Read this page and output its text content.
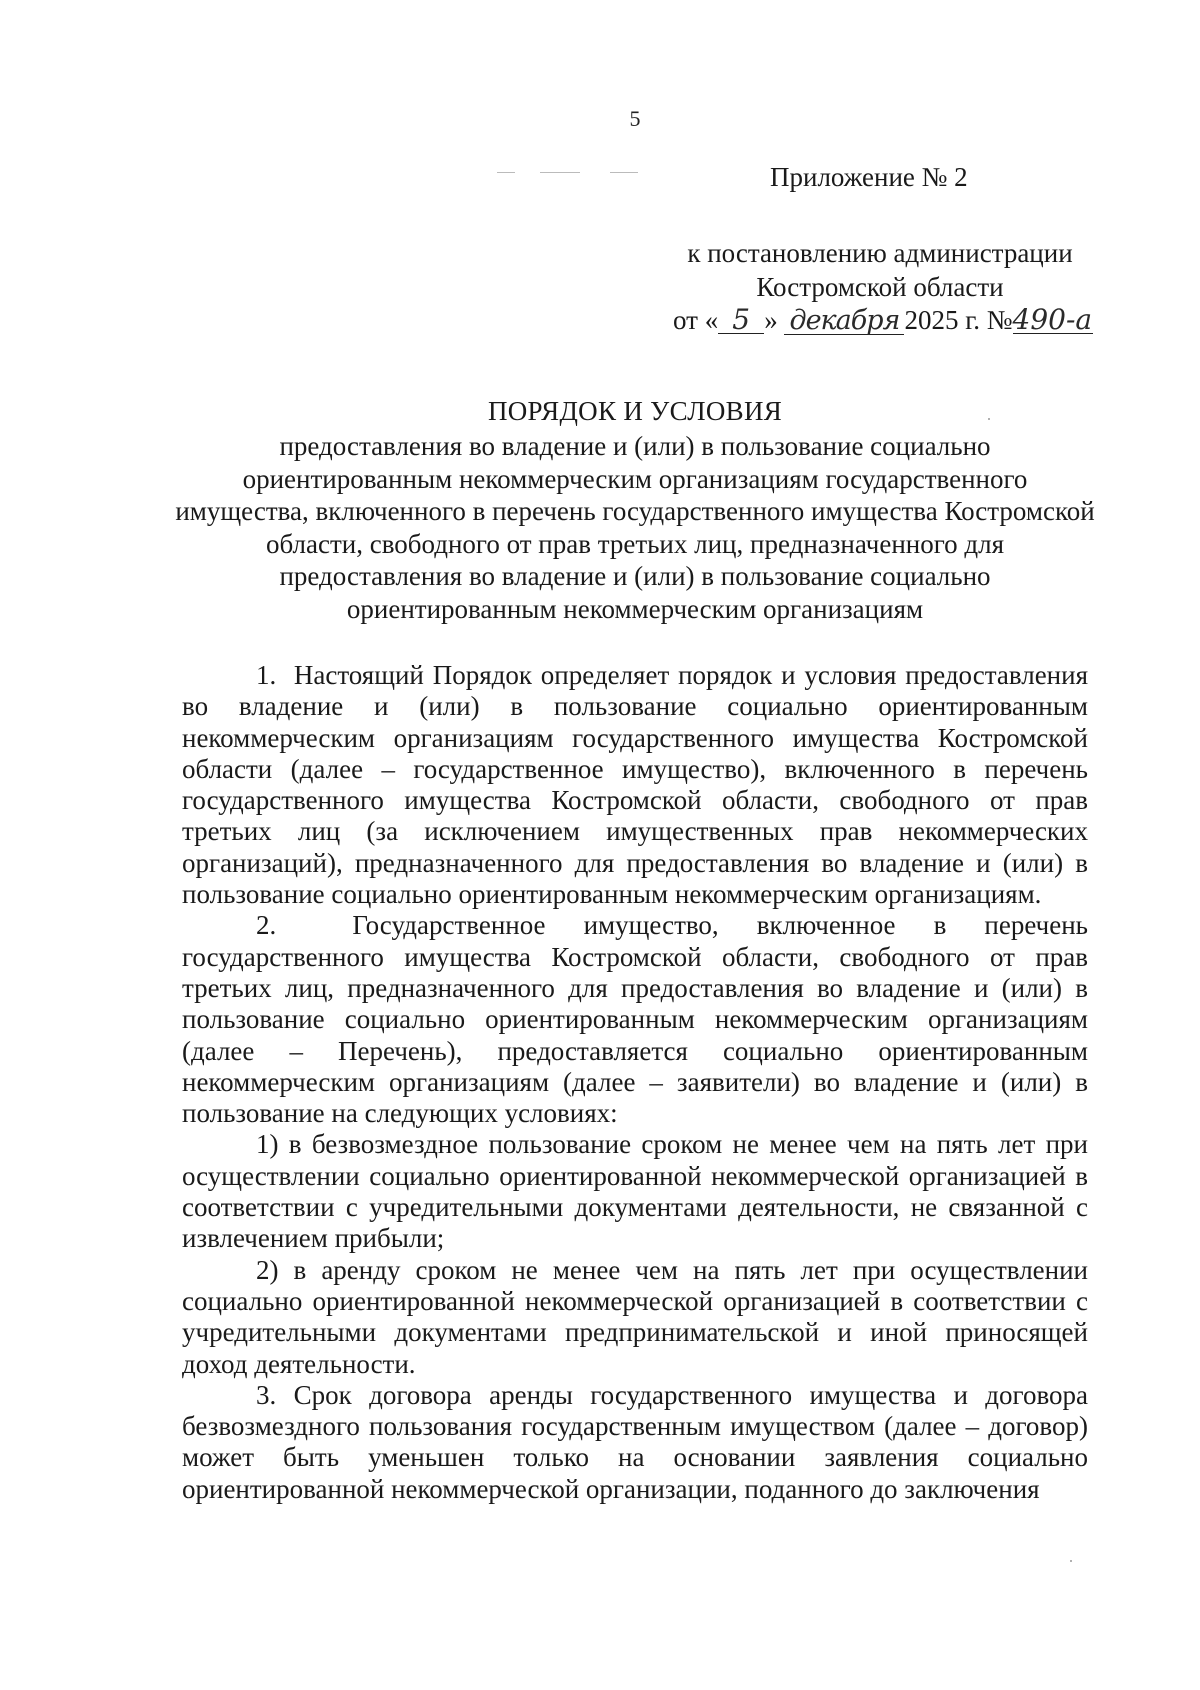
5
Приложение № 2
к постановлению администрации
Костромской области
от « 5 » декабря 2025 г. №490-а
ПОРЯДОК И УСЛОВИЯ
предоставления во владение и (или) в пользование социально ориентированным некоммерческим организациям государственного имущества, включенного в перечень государственного имущества Костромской области, свободного от прав третьих лиц, предназначенного для предоставления во владение и (или) в пользование социально ориентированным некоммерческим организациям

1.  Настоящий Порядок определяет порядок и условия предоставления во владение и (или) в пользование социально ориентированным некоммерческим организациям государственного имущества Костромской области (далее – государственное имущество), включенного в перечень государственного имущества Костромской области, свободного от прав третьих лиц (за исключением имущественных прав некоммерческих организаций), предназначенного для предоставления во владение и (или) в пользование социально ориентированным некоммерческим организациям.

2.  Государственное имущество, включенное в перечень государственного имущества Костромской области, свободного от прав третьих лиц, предназначенного для предоставления во владение и (или) в пользование социально ориентированным некоммерческим организациям (далее – Перечень), предоставляется социально ориентированным некоммерческим организациям (далее – заявители) во владение и (или) в пользование на следующих условиях:

1) в безвозмездное пользование сроком не менее чем на пять лет при осуществлении социально ориентированной некоммерческой организацией в соответствии с учредительными документами деятельности, не связанной с извлечением прибыли;

2) в аренду сроком не менее чем на пять лет при осуществлении социально ориентированной некоммерческой организацией в соответствии с учредительными документами предпринимательской и иной приносящей доход деятельности.

3. Срок договора аренды государственного имущества и договора безвозмездного пользования государственным имуществом (далее – договор) может быть уменьшен только на основании заявления социально ориентированной некоммерческой организации, поданного до заключения
